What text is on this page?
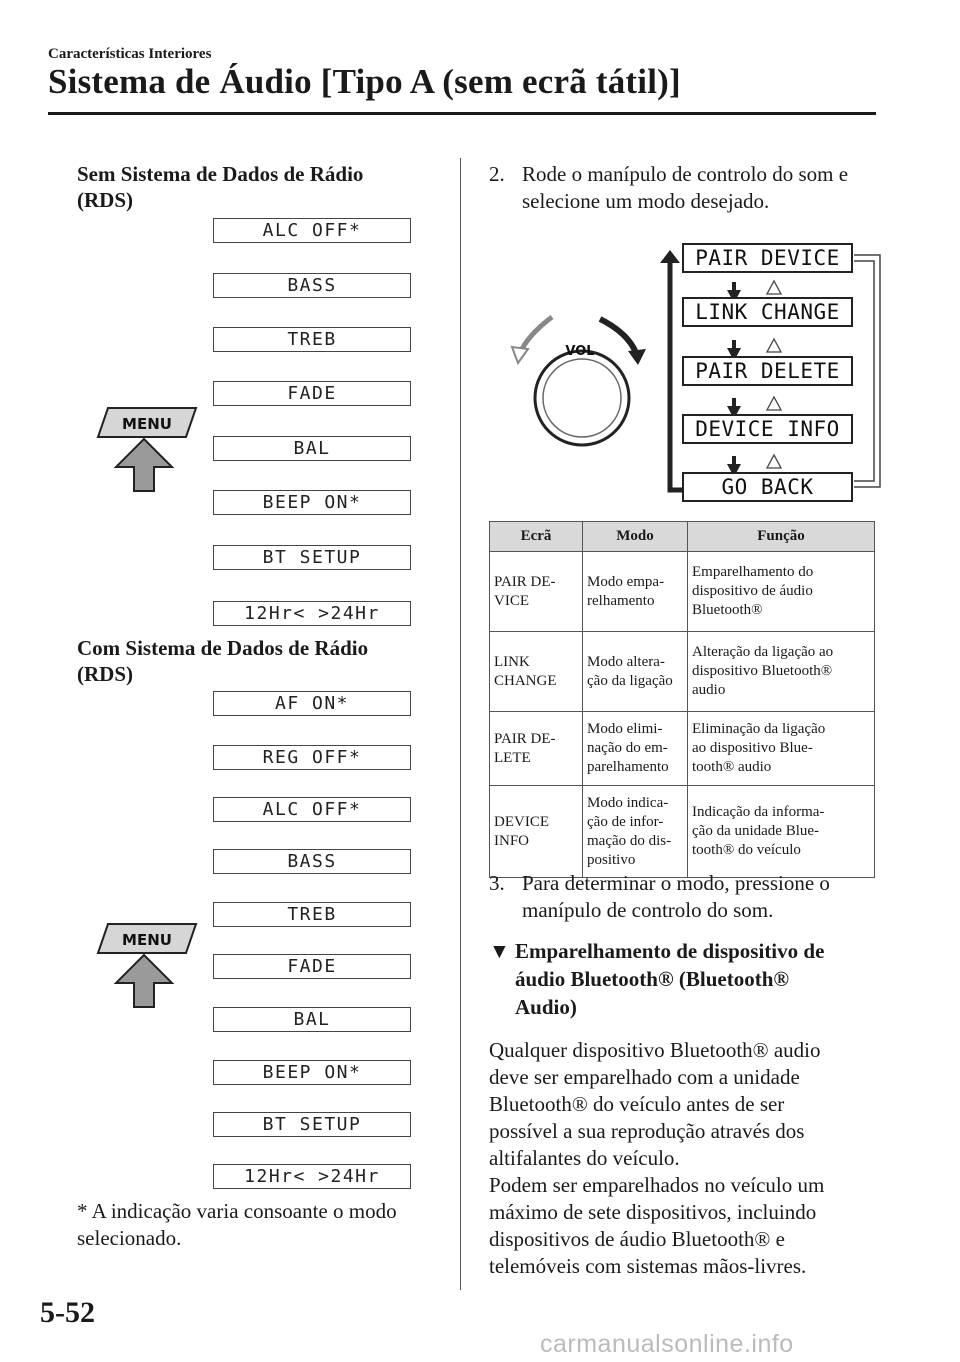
Características Interiores
Sistema de Áudio [Tipo A (sem ecrã tátil)]
Sem Sistema de Dados de Rádio
(RDS)
ALC OFF*
BASS
TREB
FADE
BAL
BEEP ON*
BT SETUP
12Hr< >24Hr
MENU
Com Sistema de Dados de Rádio
(RDS)
AF ON*
REG OFF*
ALC OFF*
BASS
TREB
FADE
BAL
BEEP ON*
BT SETUP
12Hr< >24Hr
MENU
* A indicação varia consoante o modo
selecionado.
2. Rode o manípulo de controlo do som e
selecione um modo desejado.
VOL
PAIR DEVICE
LINK CHANGE
PAIR DELETE
DEVICE INFO
GO BACK
Ecrã	Modo	Função
PAIR DE-
VICE	Modo empa-
relhamento	Emparelhamento do
dispositivo de áudio
Bluetooth®
LINK
CHANGE	Modo altera-
ção da ligação	Alteração da ligação ao
dispositivo Bluetooth®
audio
PAIR DE-
LETE	Modo elimi-
nação do em-
parelhamento	Eliminação da ligação
ao dispositivo Blue-
tooth® audio
DEVICE
INFO	Modo indica-
ção de infor-
mação do dis-
positivo	Indicação da informa-
ção da unidade Blue-
tooth® do veículo
3. Para determinar o modo, pressione o
manípulo de controlo do som.
▼ Emparelhamento de dispositivo de
áudio Bluetooth® (Bluetooth®
Audio)
Qualquer dispositivo Bluetooth® audio
deve ser emparelhado com a unidade
Bluetooth® do veículo antes de ser
possível a sua reprodução através dos
altifalantes do veículo.
Podem ser emparelhados no veículo um
máximo de sete dispositivos, incluindo
dispositivos de áudio Bluetooth® e
telemóveis com sistemas mãos-livres.
5-52
carmanualsonline.info
